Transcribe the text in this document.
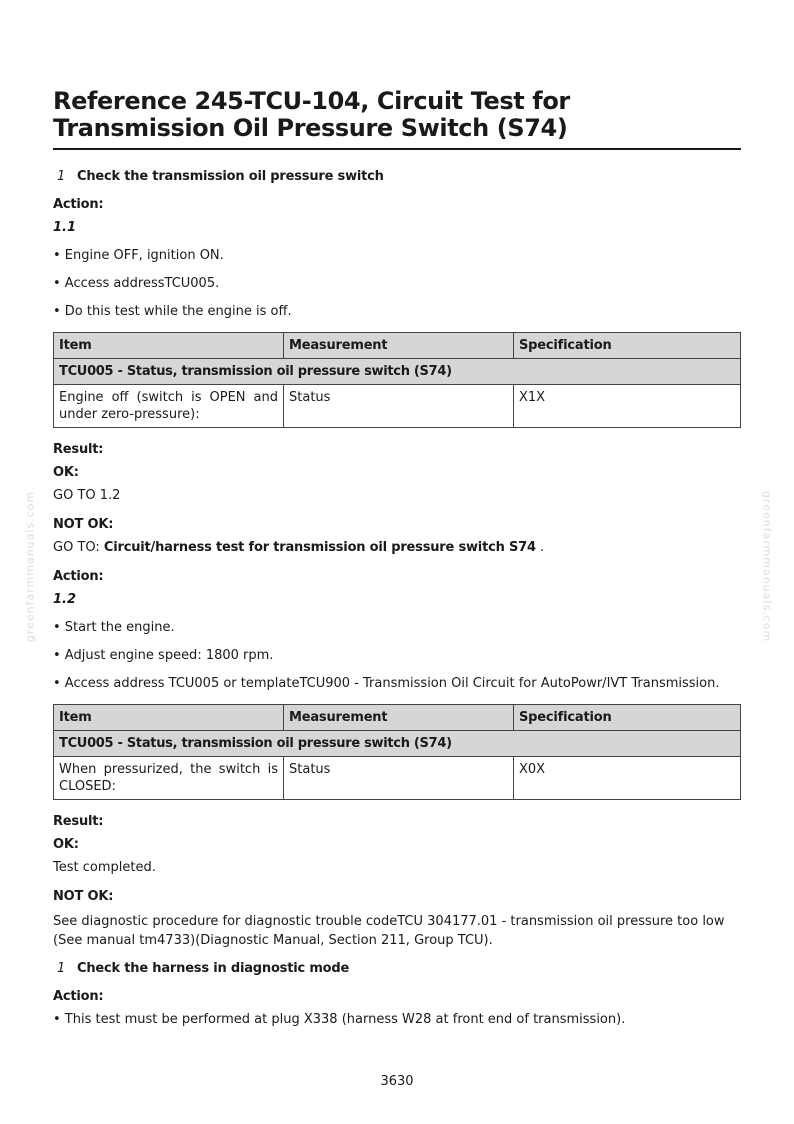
greenfarmmanuals.com	greenfarmmanuals.com
Reference 245-TCU-104, Circuit Test for Transmission Oil Pressure Switch (S74)
1 Check the transmission oil pressure switch
Action:
1.1
• Engine OFF, ignition ON.
• Access addressTCU005.
• Do this test while the engine is off.
Item	Measurement	Specification
TCU005 - Status, transmission oil pressure switch (S74)		
Engine off (switch is OPEN and under zero-pressure):	Status	X1X
Result:
OK:
GO TO 1.2
NOT OK:
GO TO: Circuit/harness test for transmission oil pressure switch S74 .
Action:
1.2
• Start the engine.
• Adjust engine speed: 1800 rpm.
• Access address TCU005 or templateTCU900 - Transmission Oil Circuit for AutoPowr/IVT Transmission.
Item	Measurement	Specification
TCU005 - Status, transmission oil pressure switch (S74)		
When pressurized, the switch is CLOSED:	Status	X0X
Result:
OK:
Test completed.
NOT OK:
See diagnostic procedure for diagnostic trouble codeTCU 304177.01 - transmission oil pressure too low (See manual tm4733)(Diagnostic Manual, Section 211, Group TCU).
1 Check the harness in diagnostic mode
Action:
• This test must be performed at plug X338 (harness W28 at front end of transmission).
3630
